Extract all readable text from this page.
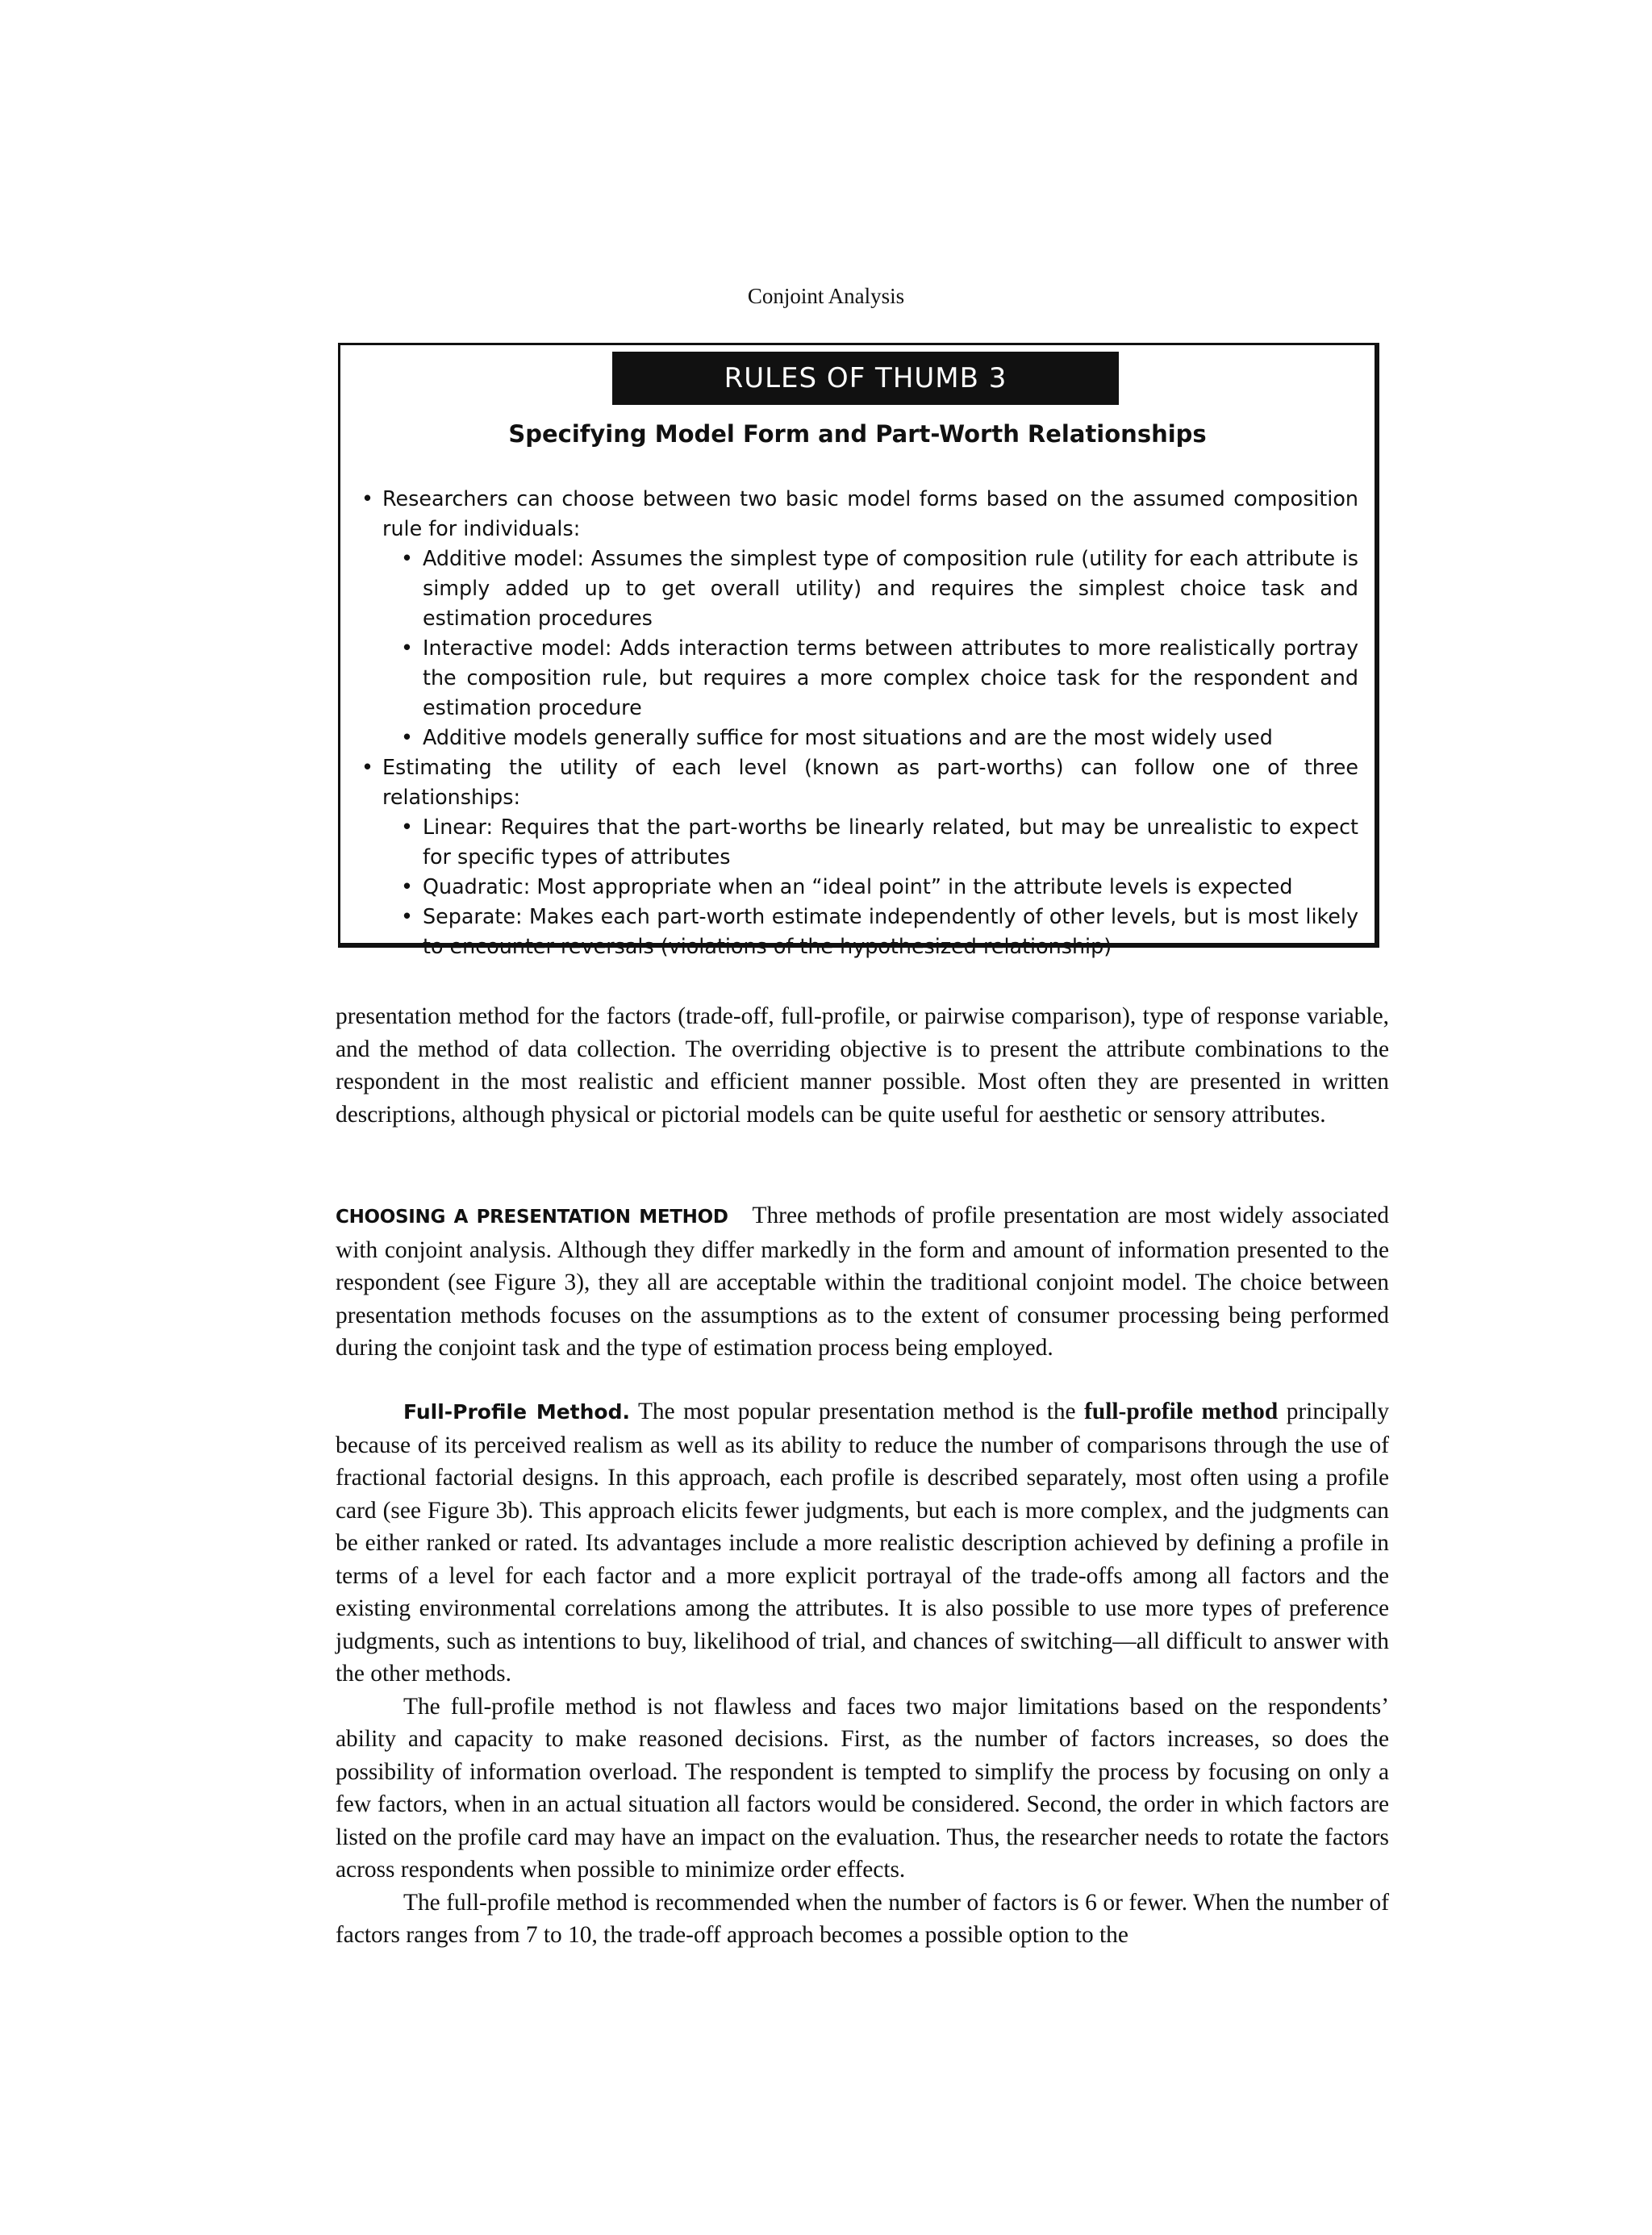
Conjoint Analysis
RULES OF THUMB 3
Specifying Model Form and Part-Worth Relationships
• Researchers can choose between two basic model forms based on the assumed composition rule for individuals:
• Additive model: Assumes the simplest type of composition rule (utility for each attribute is simply added up to get overall utility) and requires the simplest choice task and estimation procedures
• Interactive model: Adds interaction terms between attributes to more realistically portray the composition rule, but requires a more complex choice task for the respondent and estimation procedure
• Additive models generally suffice for most situations and are the most widely used
• Estimating the utility of each level (known as part-worths) can follow one of three relationships:
• Linear: Requires that the part-worths be linearly related, but may be unrealistic to expect for specific types of attributes
• Quadratic: Most appropriate when an “ideal point” in the attribute levels is expected
• Separate: Makes each part-worth estimate independently of other levels, but is most likely to encounter reversals (violations of the hypothesized relationship)

presentation method for the factors (trade-off, full-profile, or pairwise comparison), type of response variable, and the method of data collection. The overriding objective is to present the attribute combinations to the respondent in the most realistic and efficient manner possible. Most often they are presented in written descriptions, although physical or pictorial models can be quite useful for aesthetic or sensory attributes.

CHOOSING A PRESENTATION METHOD Three methods of profile presentation are most widely associated with conjoint analysis. Although they differ markedly in the form and amount of information presented to the respondent (see Figure 3), they all are acceptable within the traditional conjoint model. The choice between presentation methods focuses on the assumptions as to the extent of consumer processing being performed during the conjoint task and the type of estimation process being employed.

Full-Profile Method. The most popular presentation method is the full-profile method principally because of its perceived realism as well as its ability to reduce the number of comparisons through the use of fractional factorial designs. In this approach, each profile is described separately, most often using a profile card (see Figure 3b). This approach elicits fewer judgments, but each is more complex, and the judgments can be either ranked or rated. Its advantages include a more realistic description achieved by defining a profile in terms of a level for each factor and a more explicit portrayal of the trade-offs among all factors and the existing environmental correlations among the attributes. It is also possible to use more types of preference judgments, such as intentions to buy, likelihood of trial, and chances of switching—all difficult to answer with the other methods.

The full-profile method is not flawless and faces two major limitations based on the respondents’ ability and capacity to make reasoned decisions. First, as the number of factors increases, so does the possibility of information overload. The respondent is tempted to simplify the process by focusing on only a few factors, when in an actual situation all factors would be considered. Second, the order in which factors are listed on the profile card may have an impact on the evaluation. Thus, the researcher needs to rotate the factors across respondents when possible to minimize order effects.

The full-profile method is recommended when the number of factors is 6 or fewer. When the number of factors ranges from 7 to 10, the trade-off approach becomes a possible option to the
